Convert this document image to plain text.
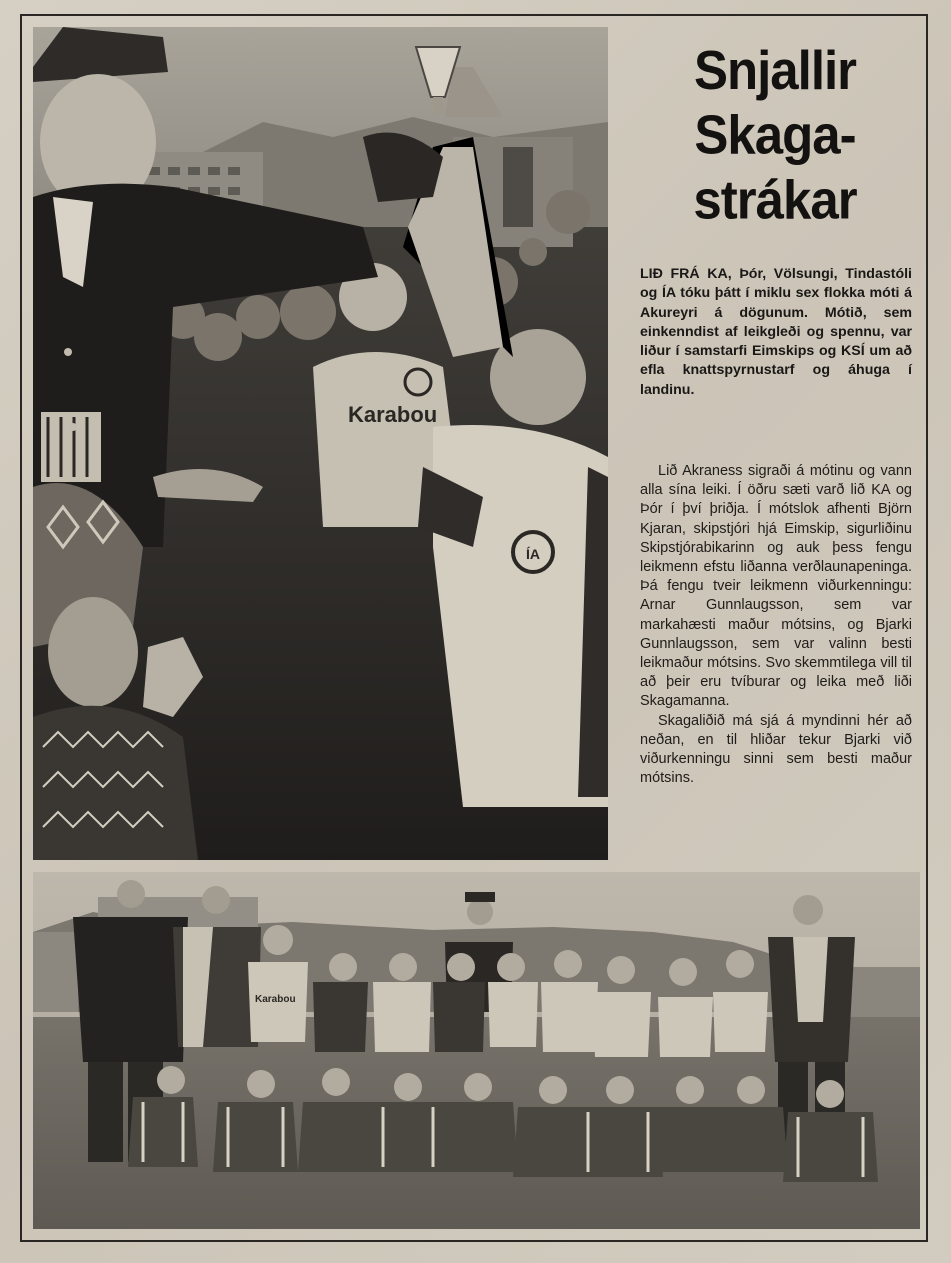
Karabou
ÍA
Snjallir
Skaga-
strákar
LIÐ FRÁ KA, Þór, Völsungi, Tindastóli og ÍA tóku þátt í miklu sex flokka móti á Akureyri á dögunum. Mótið, sem einkenndist af leikgleði og spennu, var liður í samstarfi Eimskips og KSÍ um að efla knattspyrnustarf og áhuga í landinu.

Lið Akraness sigraði á mótinu og vann alla sína leiki. Í öðru sæti varð lið KA og Þór í því þriðja. Í mótslok afhenti Björn Kjaran, skipstjóri hjá Eimskip, sigurliðinu Skipstjórabikarinn og auk þess fengu leikmenn efstu liðanna verðlaunapeninga. Þá fengu tveir leikmenn viðurkenningu: Arnar Gunnlaugsson, sem var markahæsti maður mótsins, og Bjarki Gunnlaugsson, sem var valinn besti leikmaður mótsins. Svo skemmtilega vill til að þeir eru tvíburar og leika með liði Skagamanna.

Skagaliðið má sjá á myndinni hér að neðan, en til hliðar tekur Bjarki við viðurkenningu sinni sem besti maður mótsins.

Karabou
